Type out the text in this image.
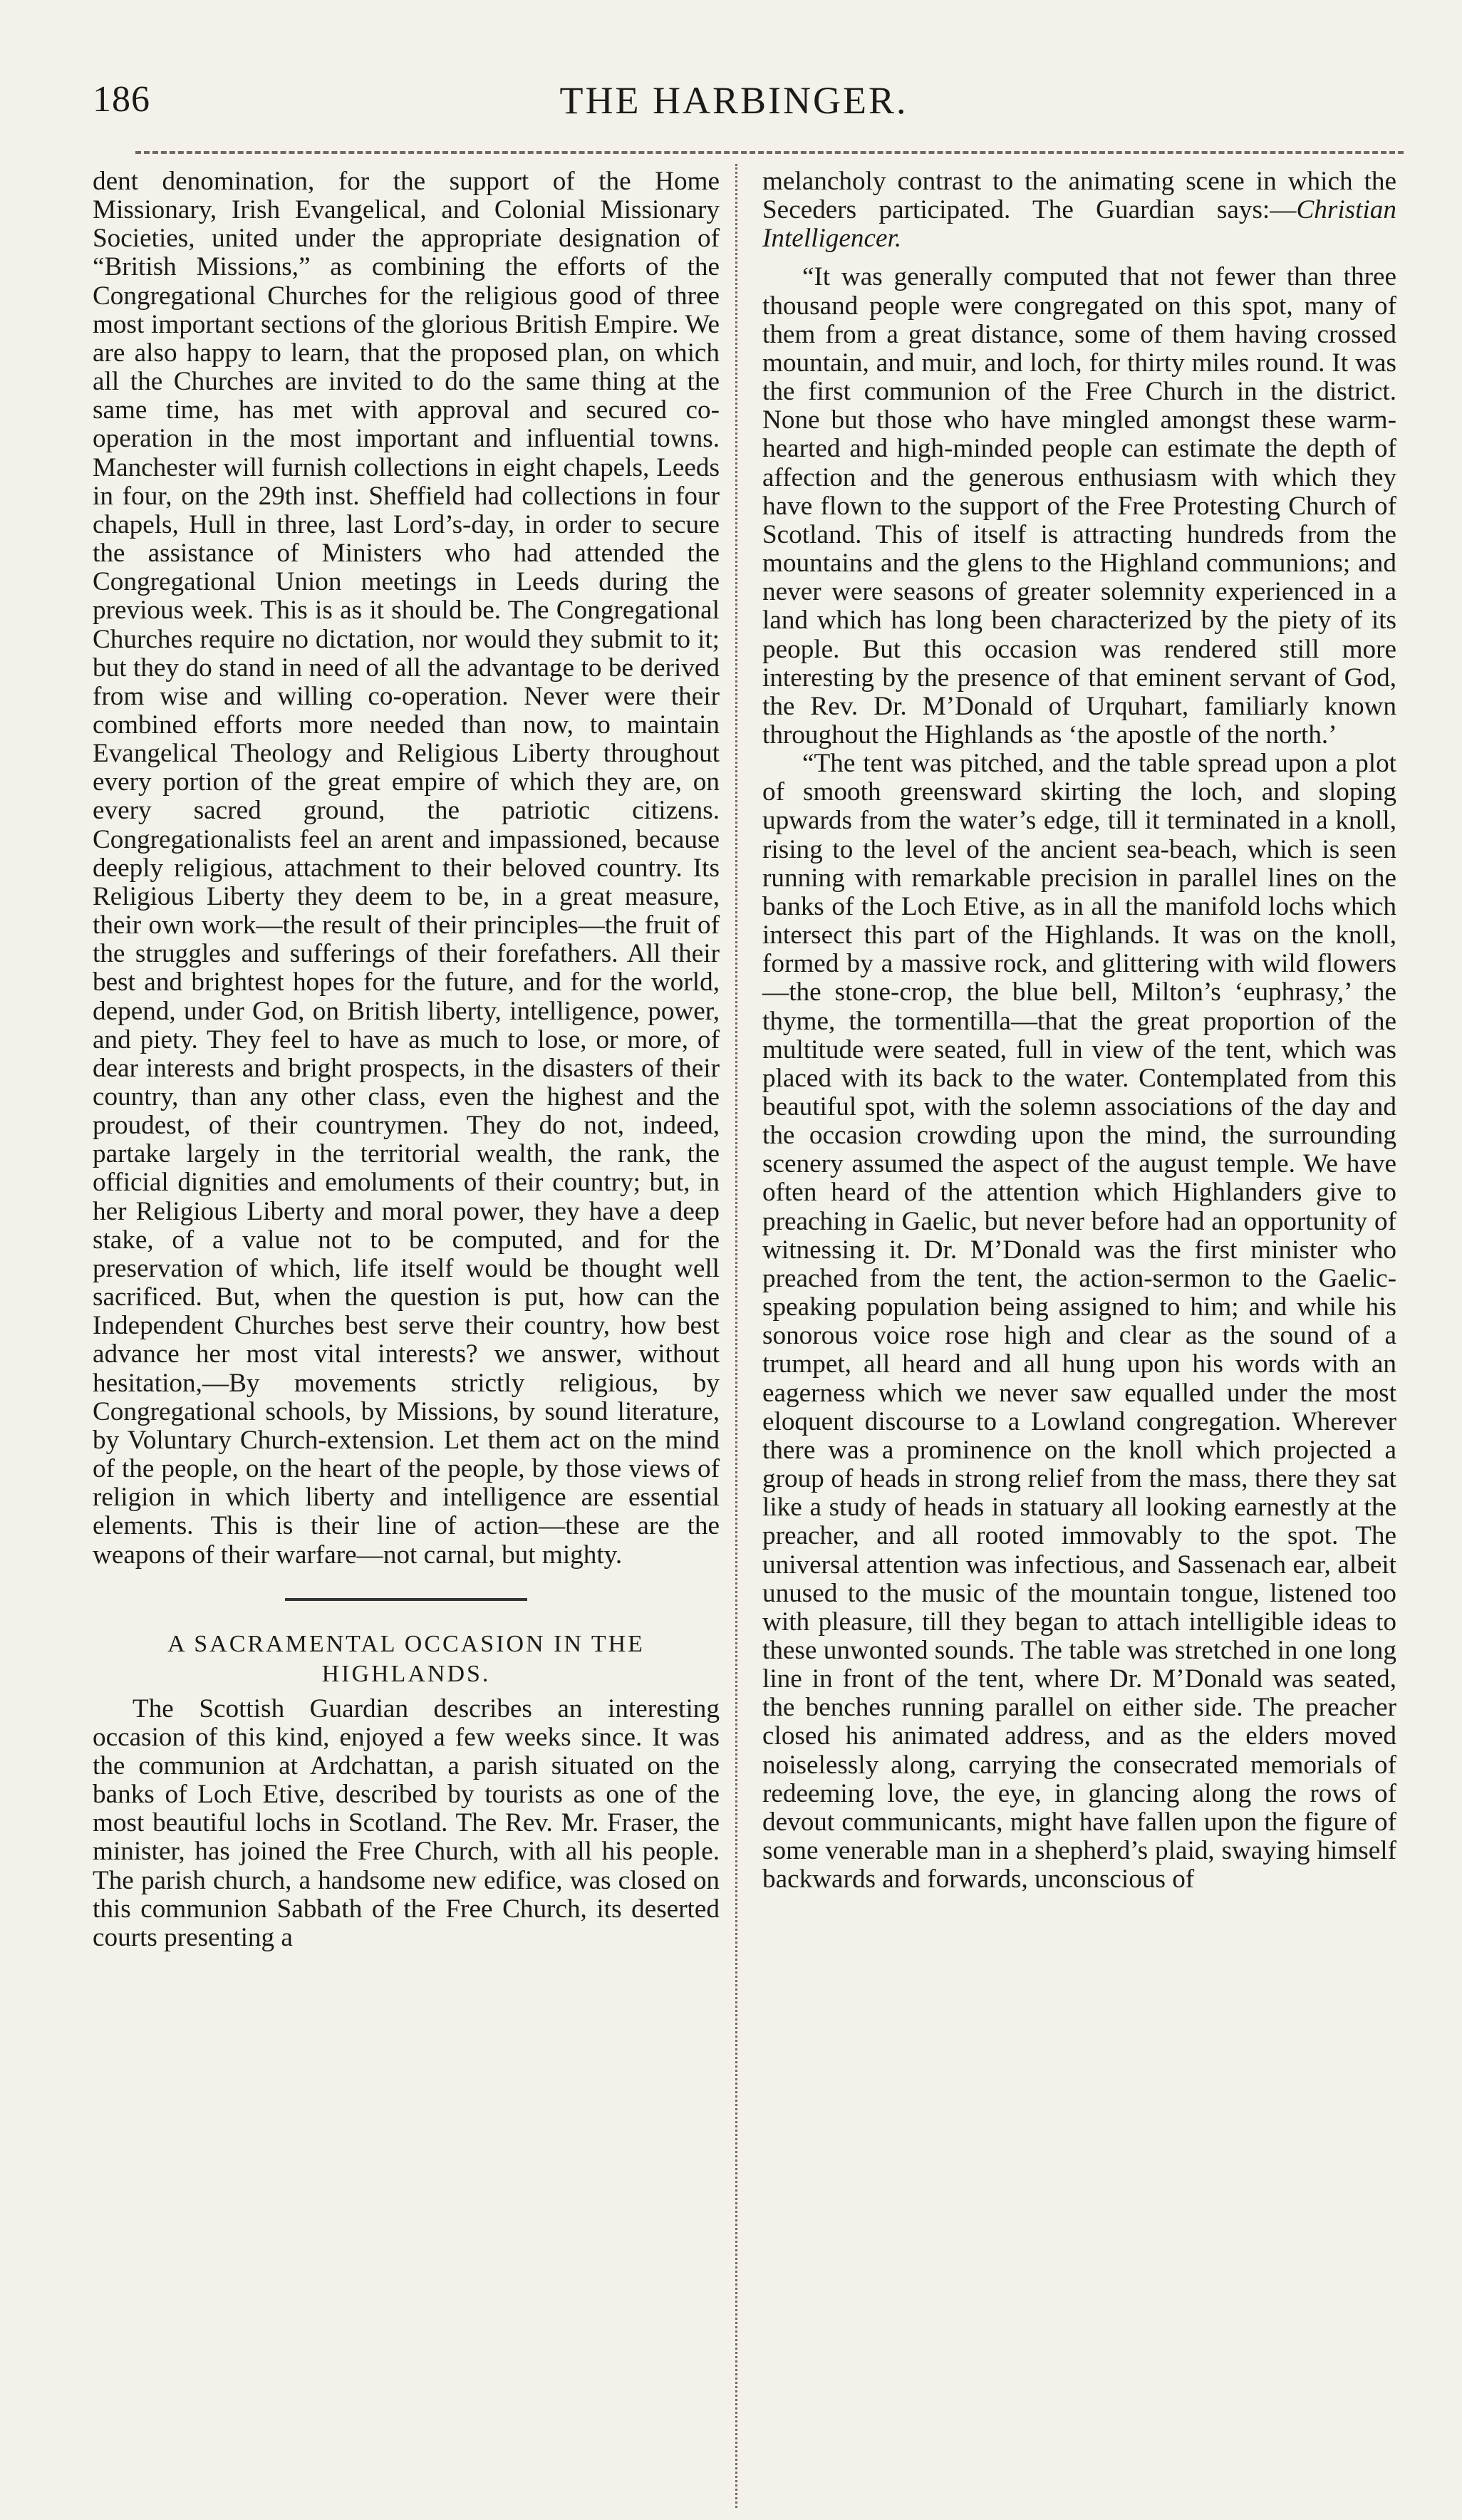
186	THE HARBINGER.

dent denomination, for the support of the Home Missionary, Irish Evangelical, and Colonial Missionary Societies, united under the appropriate designation of “British Missions,” as combining the efforts of the Congregational Churches for the religious good of three most important sections of the glorious British Empire. We are also happy to learn, that the proposed plan, on which all the Churches are invited to do the same thing at the same time, has met with approval and secured co-operation in the most important and influential towns. Manchester will furnish collections in eight chapels, Leeds in four, on the 29th inst. Sheffield had collections in four chapels, Hull in three, last Lord’s-day, in order to secure the assistance of Ministers who had attended the Congregational Union meetings in Leeds during the previous week. This is as it should be. The Congregational Churches require no dictation, nor would they submit to it; but they do stand in need of all the advantage to be derived from wise and willing co-operation. Never were their combined efforts more needed than now, to maintain Evangelical Theology and Religious Liberty throughout every portion of the great empire of which they are, on every sacred ground, the patriotic citizens. Congregationalists feel an arent and impassioned, because deeply religious, attachment to their beloved country. Its Religious Liberty they deem to be, in a great measure, their own work—the result of their principles—the fruit of the struggles and sufferings of their forefathers. All their best and brightest hopes for the future, and for the world, depend, under God, on British liberty, intelligence, power, and piety. They feel to have as much to lose, or more, of dear interests and bright prospects, in the disasters of their country, than any other class, even the highest and the proudest, of their countrymen. They do not, indeed, partake largely in the territorial wealth, the rank, the official dignities and emoluments of their country; but, in her Religious Liberty and moral power, they have a deep stake, of a value not to be computed, and for the preservation of which, life itself would be thought well sacrificed. But, when the question is put, how can the Independent Churches best serve their country, how best advance her most vital interests? we answer, without hesitation,—By movements strictly religious, by Congregational schools, by Missions, by sound literature, by Voluntary Church-extension. Let them act on the mind of the people, on the heart of the people, by those views of religion in which liberty and intelligence are essential elements. This is their line of action—these are the weapons of their warfare—not carnal, but mighty.

A SACRAMENTAL OCCASION IN THE HIGHLANDS.

The Scottish Guardian describes an interesting occasion of this kind, enjoyed a few weeks since. It was the communion at Ardchattan, a parish situated on the banks of Loch Etive, described by tourists as one of the most beautiful lochs in Scotland. The Rev. Mr. Fraser, the minister, has joined the Free Church, with all his people. The parish church, a handsome new edifice, was closed on this communion Sabbath of the Free Church, its deserted courts presenting a

melancholy contrast to the animating scene in which the Seceders participated. The Guardian says:—Christian Intelligencer.

“It was generally computed that not fewer than three thousand people were congregated on this spot, many of them from a great distance, some of them having crossed mountain, and muir, and loch, for thirty miles round. It was the first communion of the Free Church in the district. None but those who have mingled amongst these warm-hearted and high-minded people can estimate the depth of affection and the generous enthusiasm with which they have flown to the support of the Free Protesting Church of Scotland. This of itself is attracting hundreds from the mountains and the glens to the Highland communions; and never were seasons of greater solemnity experienced in a land which has long been characterized by the piety of its people. But this occasion was rendered still more interesting by the presence of that eminent servant of God, the Rev. Dr. M’Donald of Urquhart, familiarly known throughout the Highlands as ‘the apostle of the north.’

“The tent was pitched, and the table spread upon a plot of smooth greensward skirting the loch, and sloping upwards from the water’s edge, till it terminated in a knoll, rising to the level of the ancient sea-beach, which is seen running with remarkable precision in parallel lines on the banks of the Loch Etive, as in all the manifold lochs which intersect this part of the Highlands. It was on the knoll, formed by a massive rock, and glittering with wild flowers—the stone-crop, the blue bell, Milton’s ‘euphrasy,’ the thyme, the tormentilla—that the great proportion of the multitude were seated, full in view of the tent, which was placed with its back to the water. Contemplated from this beautiful spot, with the solemn associations of the day and the occasion crowding upon the mind, the surrounding scenery assumed the aspect of the august temple. We have often heard of the attention which Highlanders give to preaching in Gaelic, but never before had an opportunity of witnessing it. Dr. M’Donald was the first minister who preached from the tent, the action-sermon to the Gaelic-speaking population being assigned to him; and while his sonorous voice rose high and clear as the sound of a trumpet, all heard and all hung upon his words with an eagerness which we never saw equalled under the most eloquent discourse to a Lowland congregation. Wherever there was a prominence on the knoll which projected a group of heads in strong relief from the mass, there they sat like a study of heads in statuary all looking earnestly at the preacher, and all rooted immovably to the spot. The universal attention was infectious, and Sassenach ear, albeit unused to the music of the mountain tongue, listened too with pleasure, till they began to attach intelligible ideas to these unwonted sounds. The table was stretched in one long line in front of the tent, where Dr. M’Donald was seated, the benches running parallel on either side. The preacher closed his animated address, and as the elders moved noiselessly along, carrying the consecrated memorials of redeeming love, the eye, in glancing along the rows of devout communicants, might have fallen upon the figure of some venerable man in a shepherd’s plaid, swaying himself backwards and forwards, unconscious of
